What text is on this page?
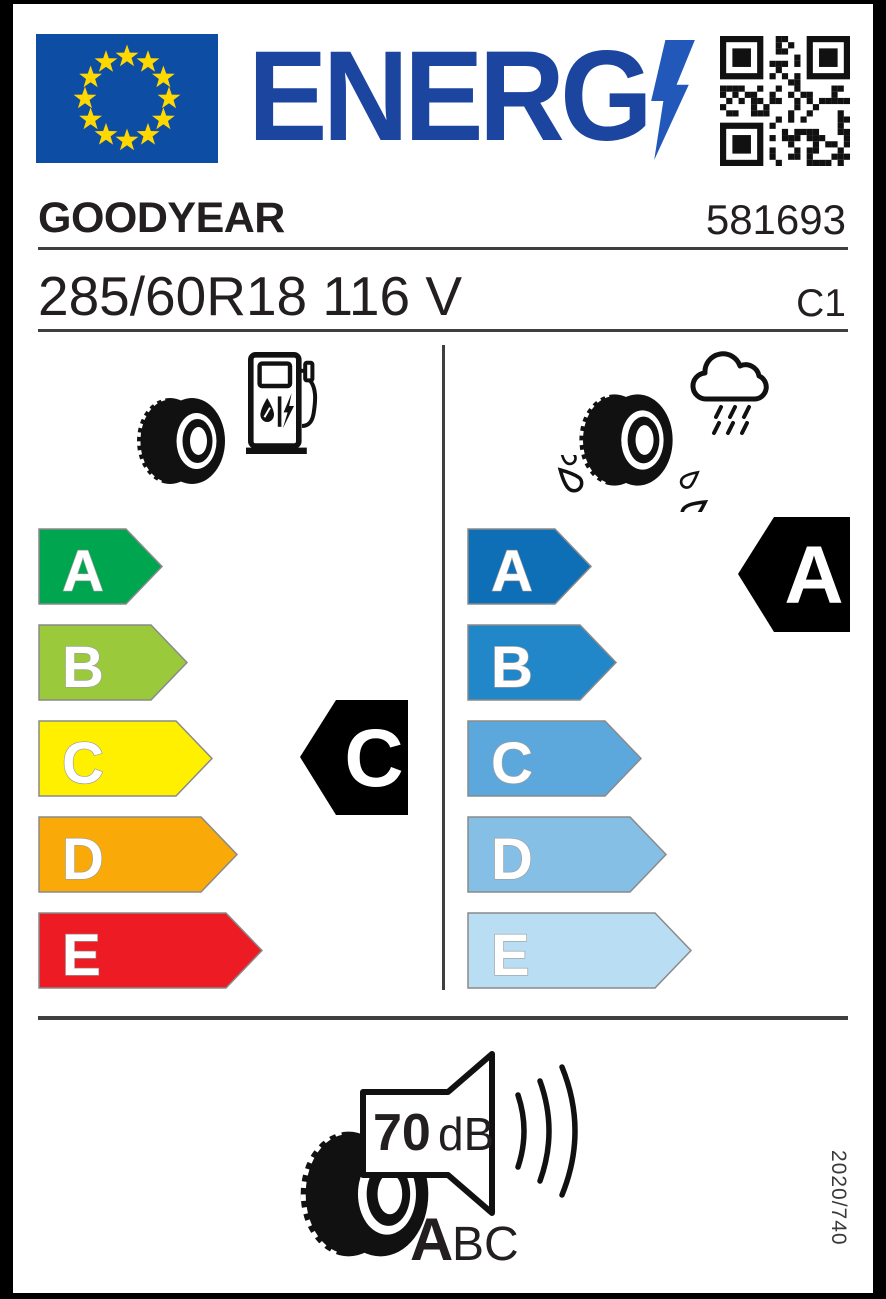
ENERG
GOODYEAR	581693
285/60R18 116 V	C1
A
B
C
D
E
C
A
B
C
D
E
A
70 dB
A
B C	2020/740
